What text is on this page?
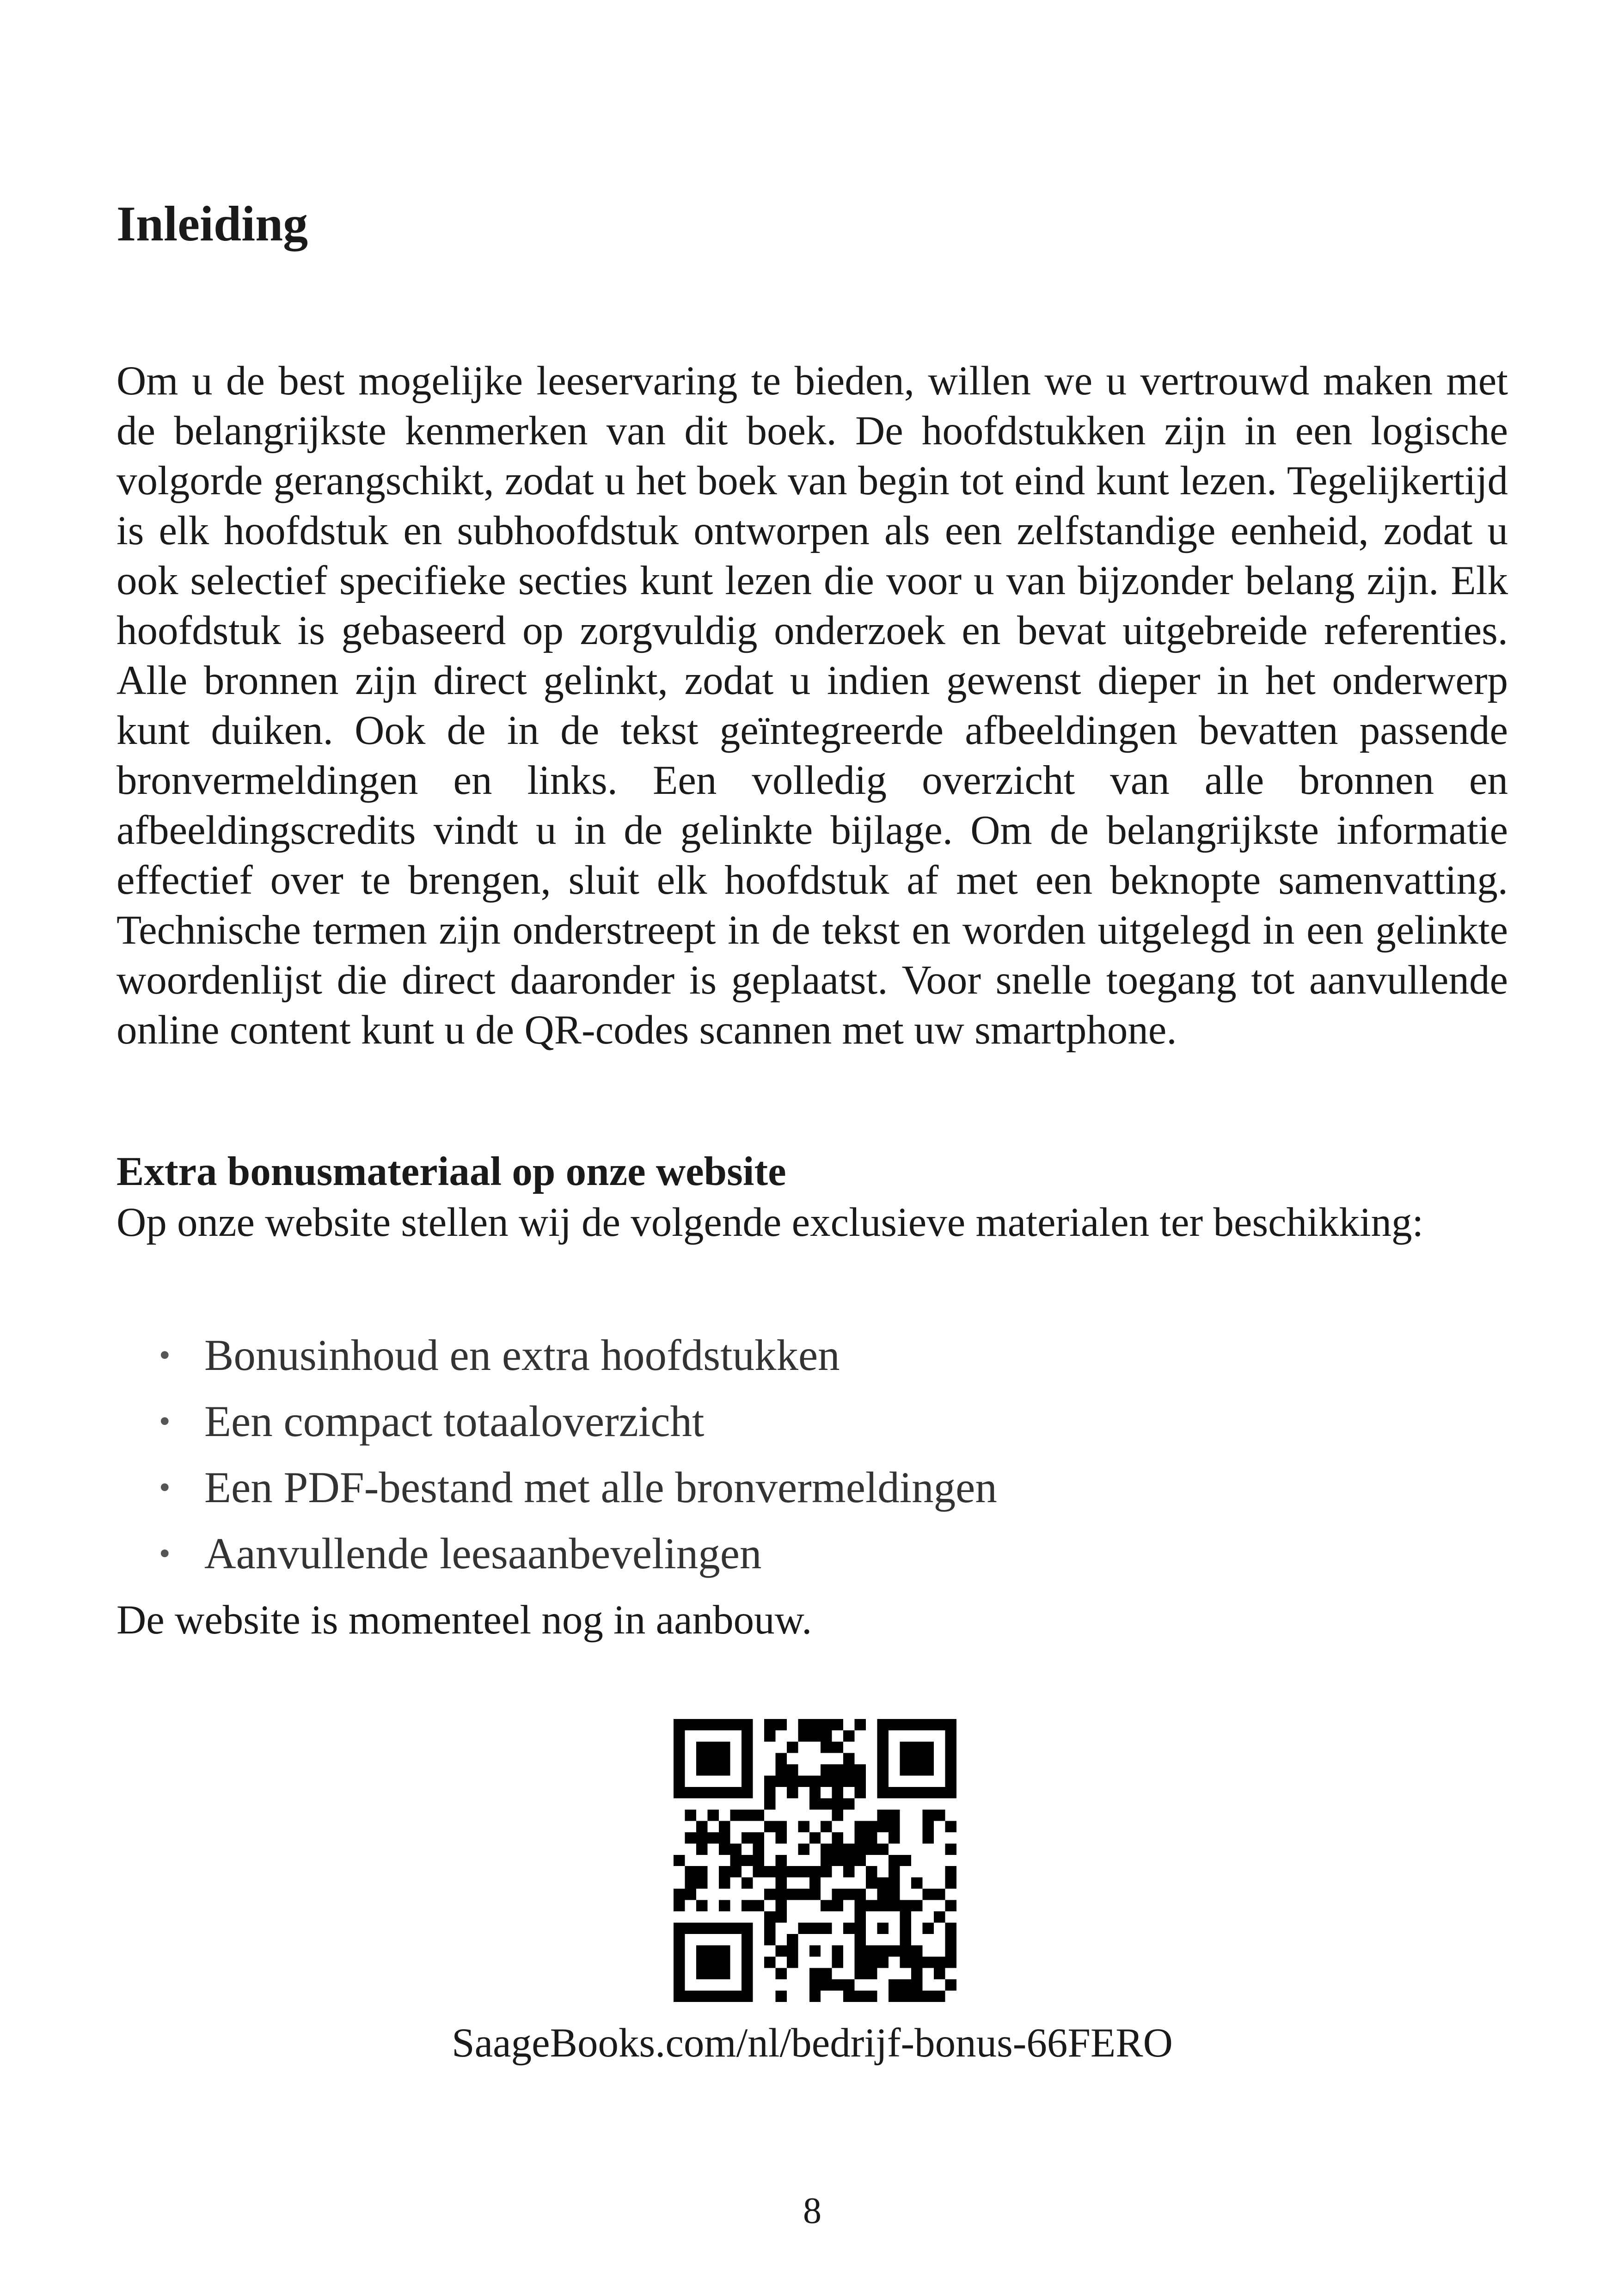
Inleiding

Om u de best mogelijke leeservaring te bieden, willen we u vertrouwd maken met de belangrijkste kenmerken van dit boek. De hoofdstukken zijn in een logische volgorde gerangschikt, zodat u het boek van begin tot eind kunt lezen. Tegelijkertijd is elk hoofdstuk en subhoofdstuk ontworpen als een zelfstandige eenheid, zodat u ook selectief specifieke secties kunt lezen die voor u van bijzonder belang zijn. Elk hoofdstuk is gebaseerd op zorgvuldig onderzoek en bevat uitgebreide referenties. Alle bronnen zijn direct gelinkt, zodat u indien gewenst dieper in het onderwerp kunt duiken. Ook de in de tekst geïntegreerde afbeeldingen bevatten passende bronvermeldingen en links. Een volledig overzicht van alle bronnen en afbeeldingscredits vindt u in de gelinkte bijlage. Om de belangrijkste informatie effectief over te brengen, sluit elk hoofdstuk af met een beknopte samenvatting. Technische termen zijn onderstreept in de tekst en worden uitgelegd in een gelinkte woordenlijst die direct daaronder is geplaatst. Voor snelle toegang tot aanvullende online content kunt u de QR-codes scannen met uw smartphone.

Extra bonusmateriaal op onze website

Op onze website stellen wij de volgende exclusieve materialen ter beschikking:

• Bonusinhoud en extra hoofdstukken
• Een compact totaaloverzicht
• Een PDF-bestand met alle bronvermeldingen
• Aanvullende leesaanbevelingen

De website is momenteel nog in aanbouw.

SaageBooks.com/nl/bedrijf-bonus-66FERO
8
